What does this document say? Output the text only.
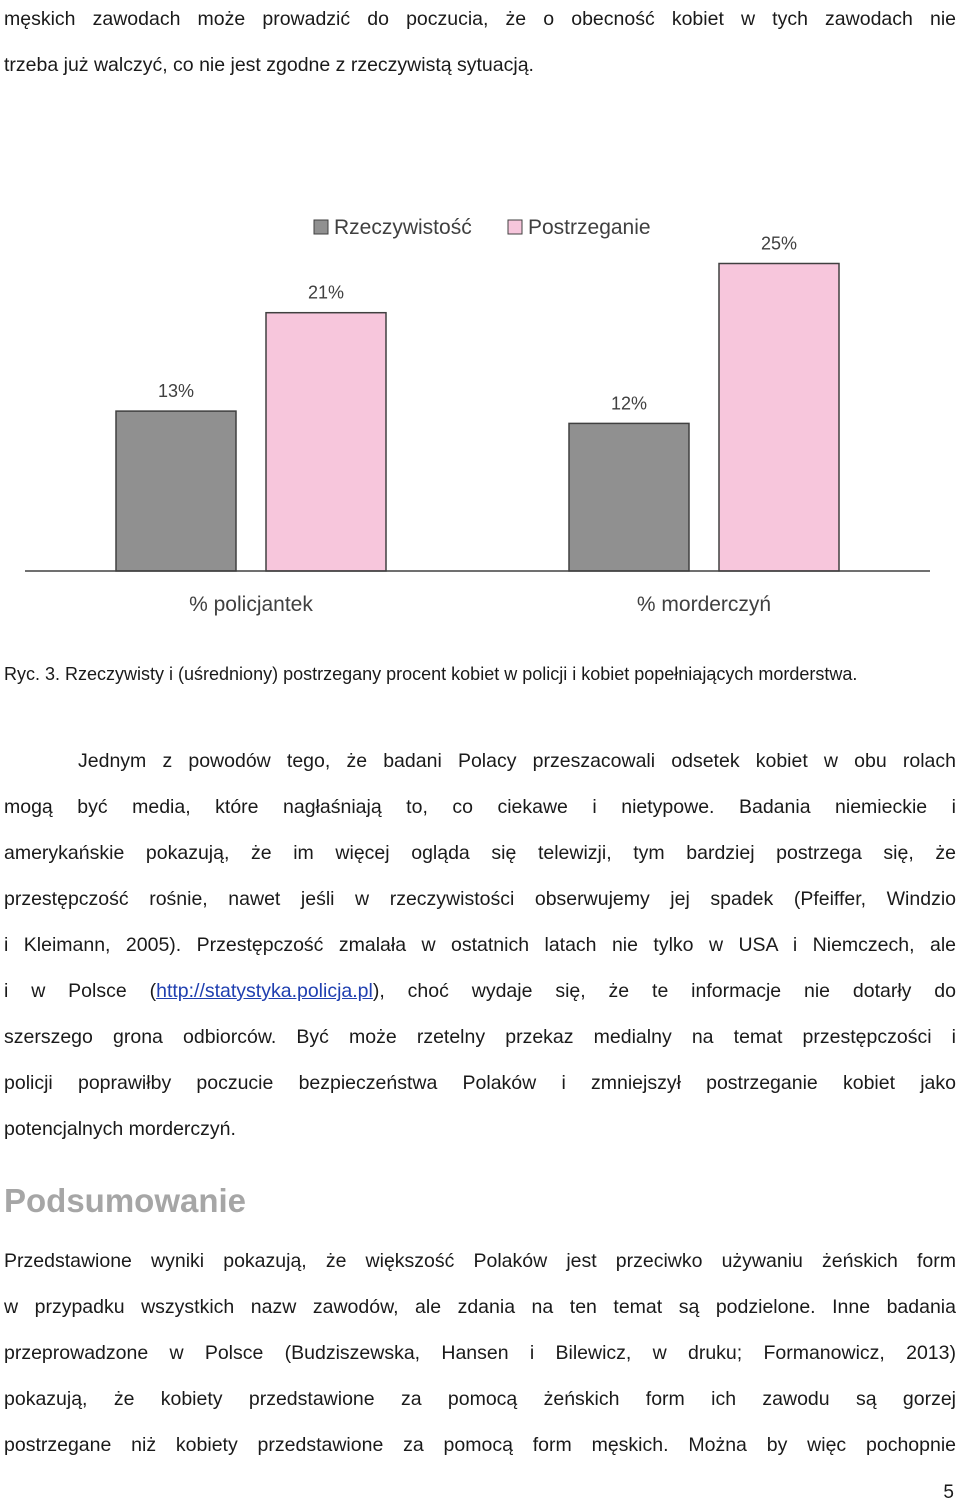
męskich zawodach może prowadzić do poczucia, że o obecność kobiet w tych zawodach nie
trzeba już walczyć, co nie jest zgodne z rzeczywistą sytuacją.
Rzeczywistość	Postrzeganie
13%
21%
12%
25%
% policjantek	% morderczyń

Ryc. 3. Rzeczywisty i (uśredniony) postrzegany procent kobiet w policji i kobiet popełniających morderstwa.

Jednym z powodów tego, że badani Polacy przeszacowali odsetek kobiet w obu rolach
mogą być media, które nagłaśniają to, co ciekawe i nietypowe. Badania niemieckie i
amerykańskie pokazują, że im więcej ogląda się telewizji, tym bardziej postrzega się, że
przestępczość rośnie, nawet jeśli w rzeczywistości obserwujemy jej spadek (Pfeiffer, Windzio
i Kleimann, 2005). Przestępczość zmalała w ostatnich latach nie tylko w USA i Niemczech, ale
i w Polsce (http://statystyka.policja.pl), choć wydaje się, że te informacje nie dotarły do
szerszego grona odbiorców. Być może rzetelny przekaz medialny na temat przestępczości i
policji poprawiłby poczucie bezpieczeństwa Polaków i zmniejszył postrzeganie kobiet jako
potencjalnych morderczyń.
Podsumowanie
Przedstawione wyniki pokazują, że większość Polaków jest przeciwko używaniu żeńskich form
w przypadku wszystkich nazw zawodów, ale zdania na ten temat są podzielone. Inne badania
przeprowadzone w Polsce (Budziszewska, Hansen i Bilewicz, w druku; Formanowicz, 2013)
pokazują, że kobiety przedstawione za pomocą żeńskich form ich zawodu są gorzej
postrzegane niż kobiety przedstawione za pomocą form męskich. Można by więc pochopnie
5
